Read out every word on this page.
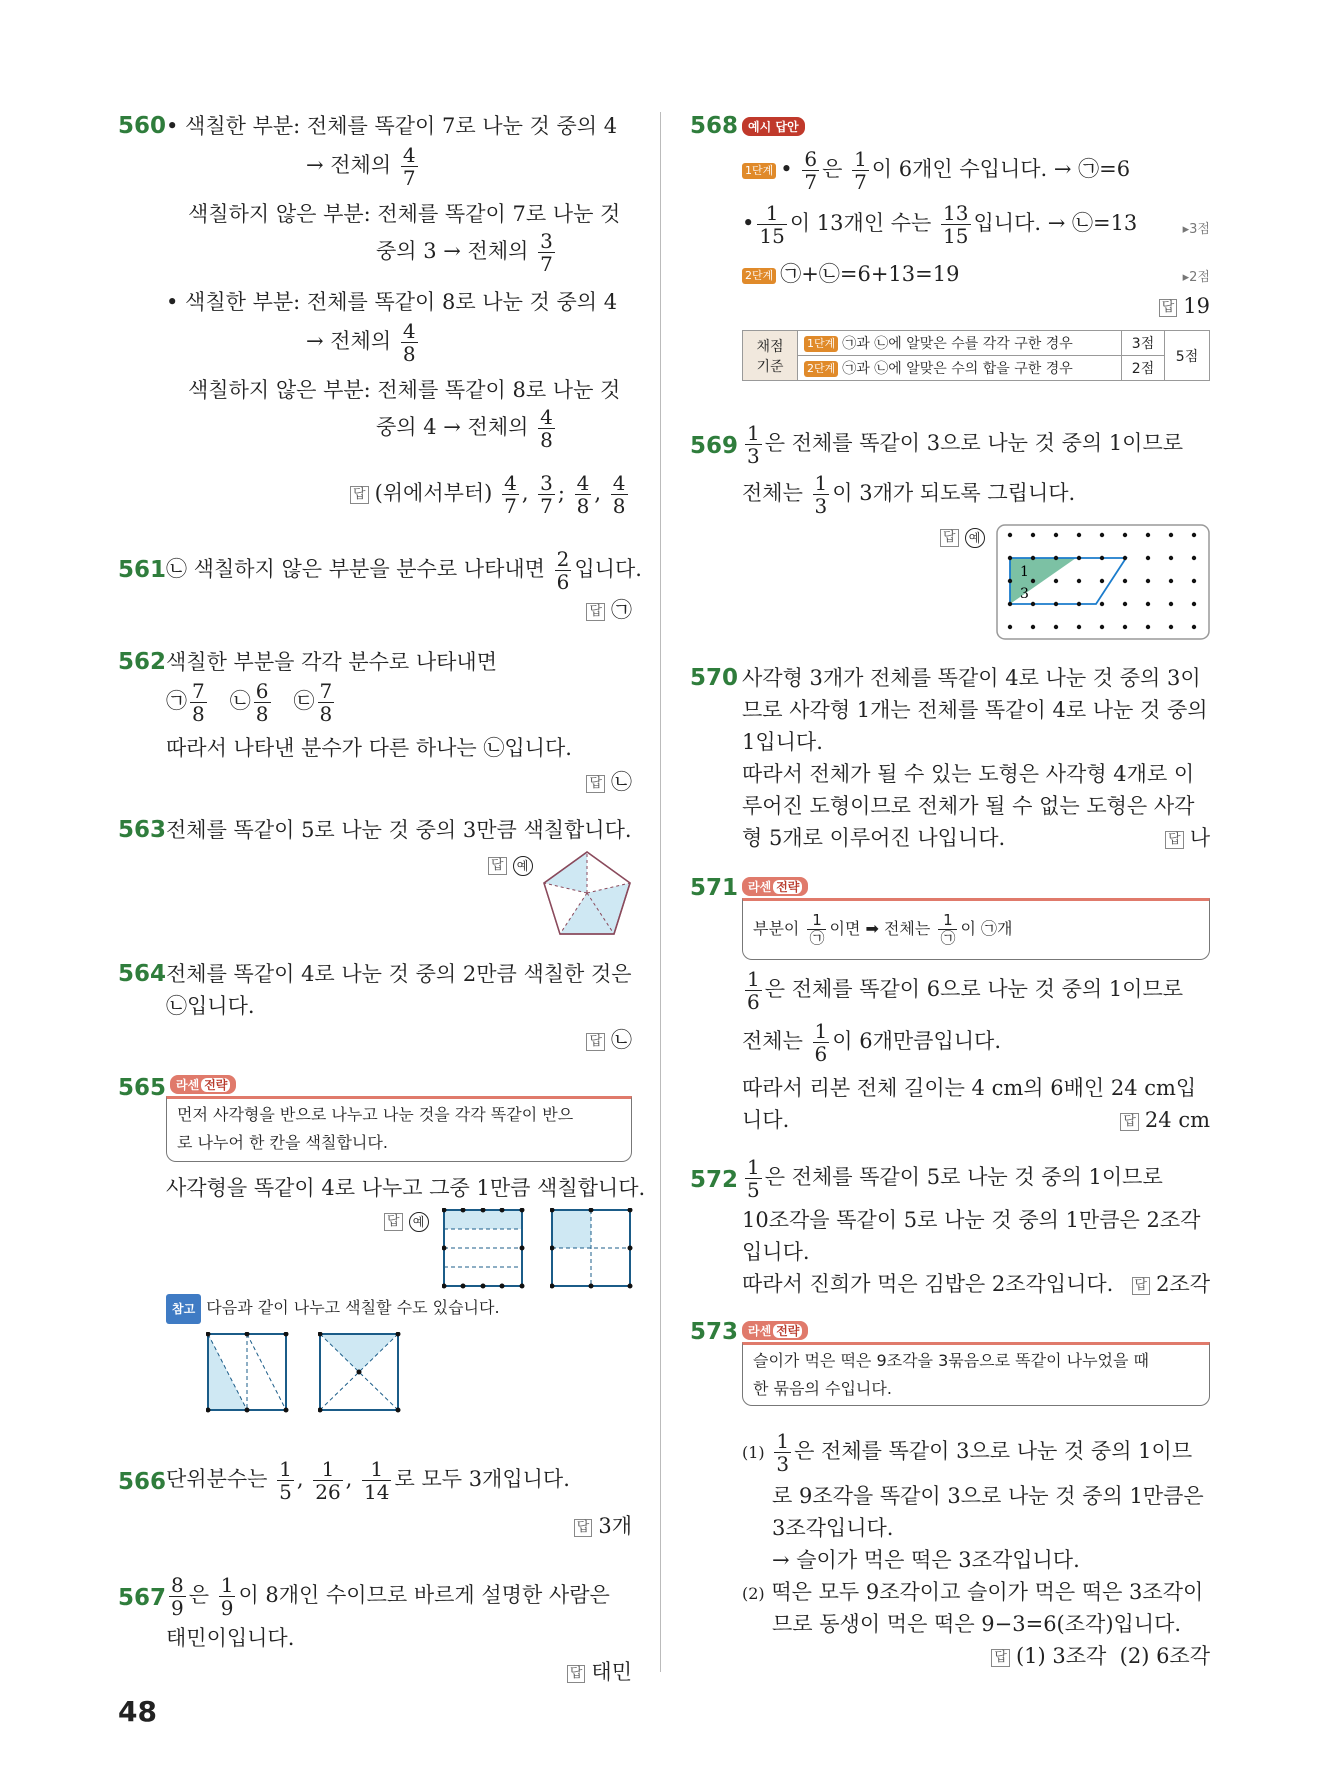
560 • 색칠한 부분: 전체를 똑같이 7로 나눈 것 중의 4
→ 전체의 $\frac{4}{7}$
색칠하지 않은 부분: 전체를 똑같이 7로 나눈 것
중의 3 → 전체의 $\frac{3}{7}$
• 색칠한 부분: 전체를 똑같이 8로 나눈 것 중의 4
→ 전체의 $\frac{4}{8}$
색칠하지 않은 부분: 전체를 똑같이 8로 나눈 것
중의 4 → 전체의 $\frac{4}{8}$
답 (위에서부터) $\frac{4}{7}$ , $\frac{3}{7}$ ; $\frac{4}{8}$ , $\frac{4}{8}$
561 ㉡ 색칠하지 않은 부분을 분수로 나타내면 $\frac{2}{6}$ 입니다.
답 ㉠
562 색칠한 부분을 각각 분수로 나타내면
㉠ $\frac{7}{8}$ ㉡ $\frac{6}{8}$ ㉢ $\frac{7}{8}$
따라서 나타낸 분수가 다른 하나는 ㉡입니다.
답 ㉡
563 전체를 똑같이 5로 나눈 것 중의 3만큼 색칠합니다.
답 예
564 전체를 똑같이 4로 나눈 것 중의 2만큼 색칠한 것은
㉡입니다.
답 ㉡
565 라센 전략
먼저 사각형을 반으로 나누고 나눈 것을 각각 똑같이 반으
로 나누어 한 칸을 색칠합니다.
사각형을 똑같이 4로 나누고 그중 1만큼 색칠합니다.
답 예
참고 다음과 같이 나누고 색칠할 수도 있습니다.
566 단위분수는 $\frac{1}{5}$ , $\frac{1}{26}$ , $\frac{1}{14}$ 로 모두 3개입니다.
답 3개
$567 \frac{8}{9}$ 은 $\frac{1}{9}$ 이 8개인 수이므로 바르게 설명한 사람은
태민이입니다.
답 태민
568 예시 답안
1단계 • $\frac{6}{7}$ 은 $\frac{1}{7}$ 이 6개인 수입니다. → ㉠=6
• $\frac{1}{15}$ 이 13개인 수는 $\frac{13}{15}$ 입니다. → ㉡=13	▸3점
2단계 ㉠+㉡=6+13=19	▸2점
답 19
채점
기준	1단계 ㉠과 ㉡에 알맞은 수를 각각 구한 경우	3점	5점
	2단계 ㉠과 ㉡에 알맞은 수의 합을 구한 경우	2점	
$569 \frac{1}{3}$ 은 전체를 똑같이 3으로 나눈 것 중의 1이므로
전체는 $\frac{1}{3}$ 이 3개가 되도록 그립니다.
답 예
1
3
570 사각형 3개가 전체를 똑같이 4로 나눈 것 중의 3이
므로 사각형 1개는 전체를 똑같이 4로 나눈 것 중의
1입니다.
따라서 전체가 될 수 있는 도형은 사각형 4개로 이
루어진 도형이므로 전체가 될 수 없는 도형은 사각
형 5개로 이루어진 나입니다.	답 나
571 라센 전략
부분이 $\frac{1}{㉠}$ 이면 ➡ 전체는 $\frac{1}{㉠}$ 이 ㉠개
$\frac{1}{6}$ 은 전체를 똑같이 6으로 나눈 것 중의 1이므로
전체는 $\frac{1}{6}$ 이 6개만큼입니다.
따라서 리본 전체 길이는 4 cm의 6배인 24 cm입
니다.	답 24 cm
$572 \frac{1}{5}$ 은 전체를 똑같이 5로 나눈 것 중의 1이므로
10조각을 똑같이 5로 나눈 것 중의 1만큼은 2조각
입니다.
따라서 진희가 먹은 김밥은 2조각입니다. 답 2조각
573 라센 전략
슬이가 먹은 떡은 9조각을 3묶음으로 똑같이 나누었을 때
한 묶음의 수입니다.
$(1) \frac{1}{3}$ 은 전체를 똑같이 3으로 나눈 것 중의 1이므
로 9조각을 똑같이 3으로 나눈 것 중의 1만큼은
3조각입니다.
→ 슬이가 먹은 떡은 3조각입니다.
(2) 떡은 모두 9조각이고 슬이가 먹은 떡은 3조각이
므로 동생이 먹은 떡은 9−3=6(조각)입니다.
답 (1) 3조각  (2) 6조각
48
